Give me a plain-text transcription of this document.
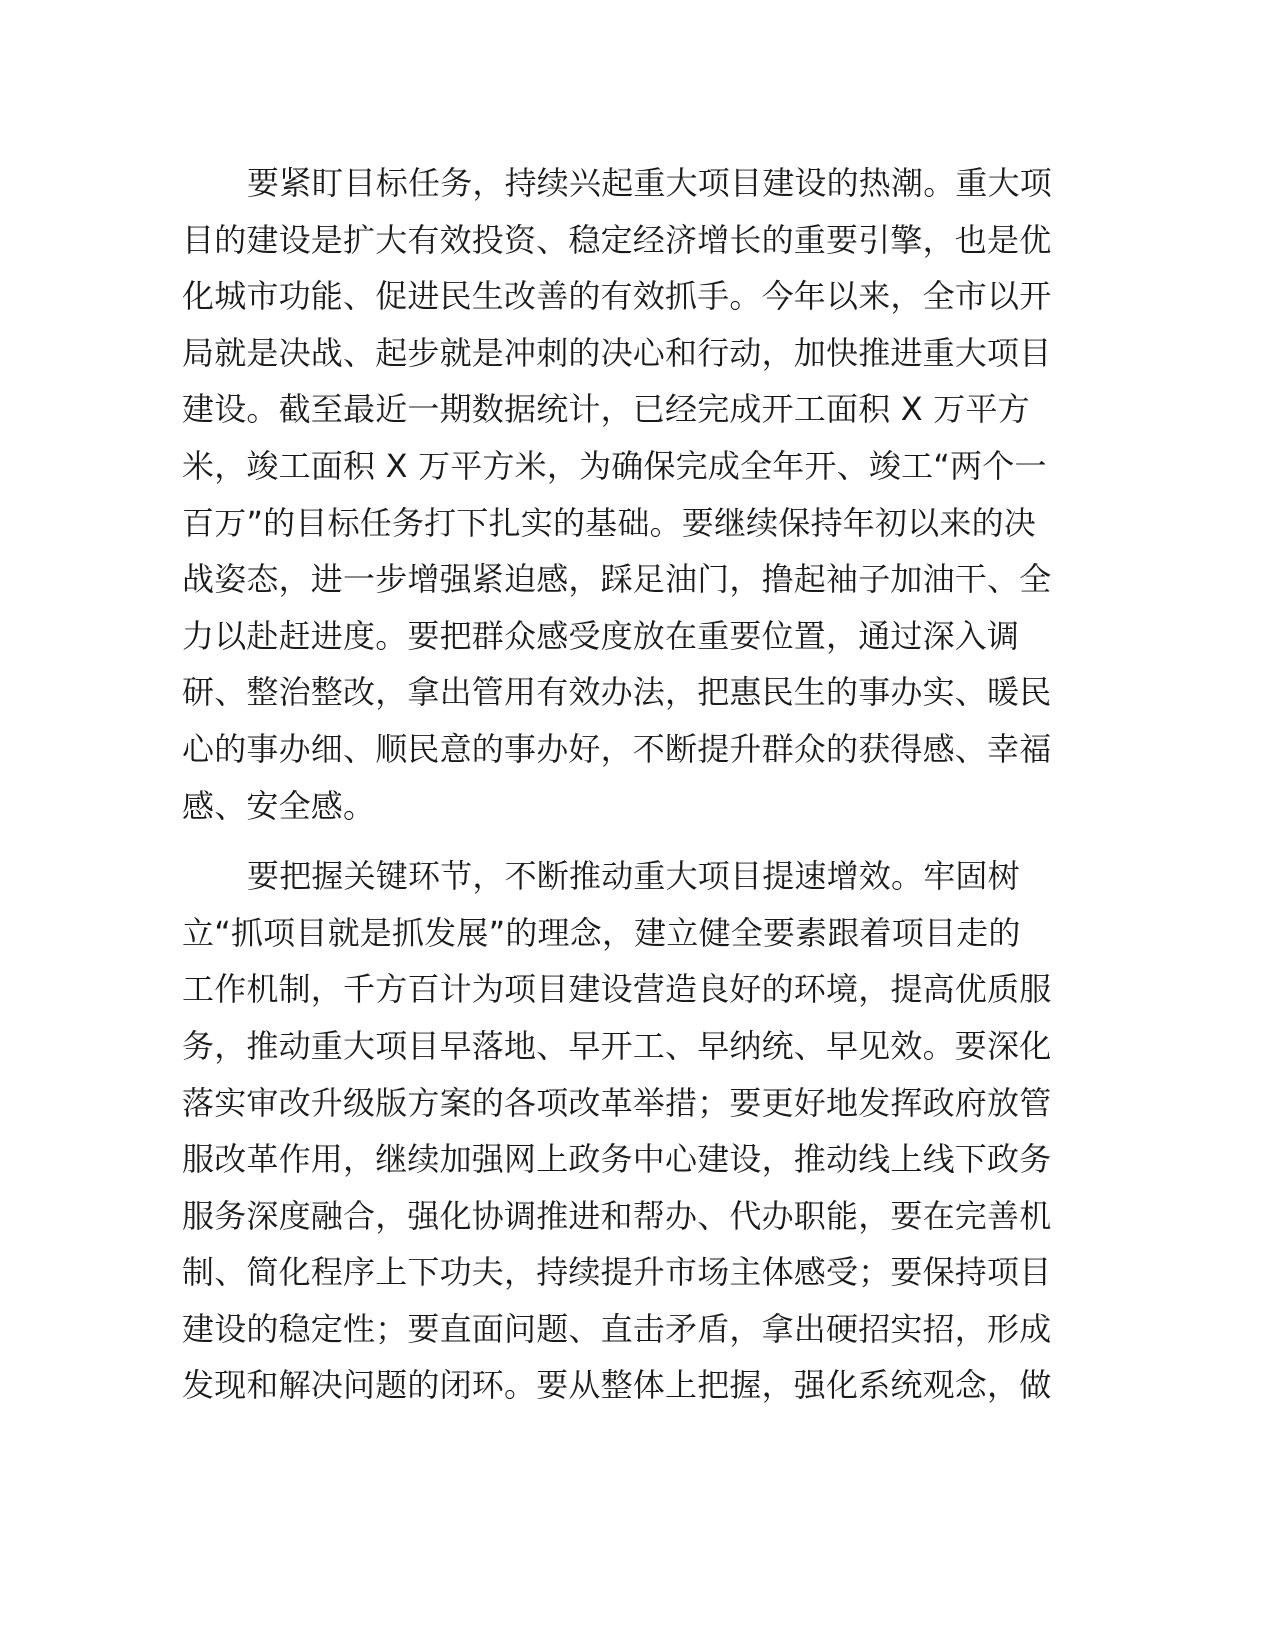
要紧盯目标任务，持续兴起重大项目建设的热潮。重大项
目的建设是扩大有效投资、稳定经济增长的重要引擎，也是优
化城市功能、促进民生改善的有效抓手。今年以来，全市以开
局就是决战、起步就是冲刺的决心和行动，加快推进重大项目
建设。截至最近一期数据统计，已经完成开工面积 X 万平方
米，竣工面积 X 万平方米，为确保完成全年开、竣工“两个一
百万”的目标任务打下扎实的基础。要继续保持年初以来的决
战姿态，进一步增强紧迫感，踩足油门，撸起袖子加油干、全
力以赴赶进度。要把群众感受度放在重要位置，通过深入调
研、整治整改，拿出管用有效办法，把惠民生的事办实、暖民
心的事办细、顺民意的事办好，不断提升群众的获得感、幸福
感、安全感。
要把握关键环节，不断推动重大项目提速增效。牢固树
立“抓项目就是抓发展”的理念，建立健全要素跟着项目走的
工作机制，千方百计为项目建设营造良好的环境，提高优质服
务，推动重大项目早落地、早开工、早纳统、早见效。要深化
落实审改升级版方案的各项改革举措；要更好地发挥政府放管
服改革作用，继续加强网上政务中心建设，推动线上线下政务
服务深度融合，强化协调推进和帮办、代办职能，要在完善机
制、简化程序上下功夫，持续提升市场主体感受；要保持项目
建设的稳定性；要直面问题、直击矛盾，拿出硬招实招，形成
发现和解决问题的闭环。要从整体上把握，强化系统观念，做
